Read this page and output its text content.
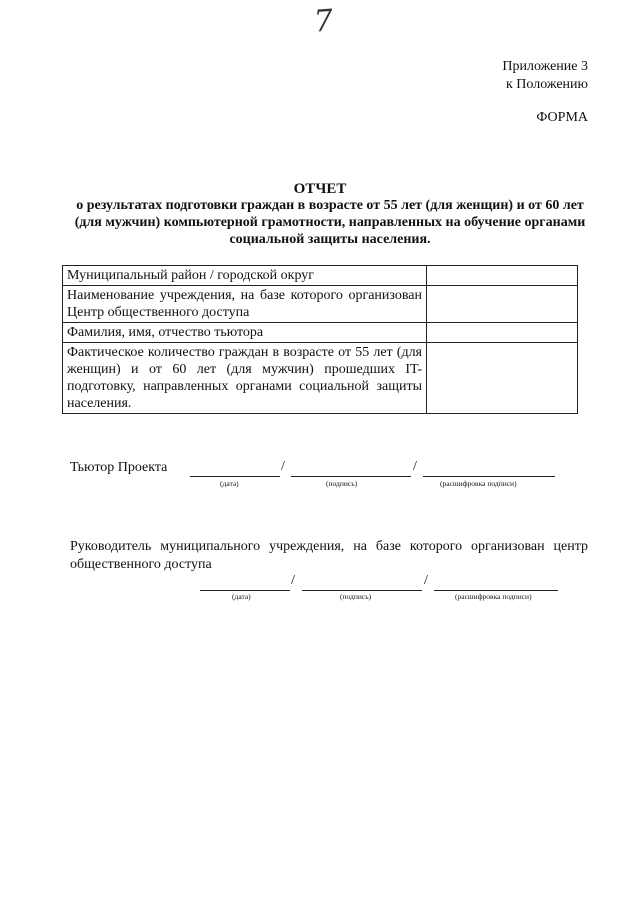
7
Приложение 3
к Положению
ФОРМА
ОТЧЕТ
о результатах подготовки граждан в возрасте от 55 лет (для женщин) и от 60 лет (для мужчин) компьютерной грамотности, направленных на обучение органами социальной защиты населения.
Муниципальный район / городской округ	
Наименование учреждения, на базе которого организован Центр общественного доступа	
Фамилия, имя, отчество тьютора	
Фактическое количество граждан в возрасте от 55 лет (для женщин) и от 60 лет (для мужчин) прошедших IT- подготовку, направленных органами социальной защиты населения.	
Тьютор Проекта	/	/
(дата)	(подпись)	(расшифровка подписи)
Руководитель муниципального учреждения, на базе которого организован центр общественного доступа
/	/
(дата)	(подпись)	(расшифровка подписи)
